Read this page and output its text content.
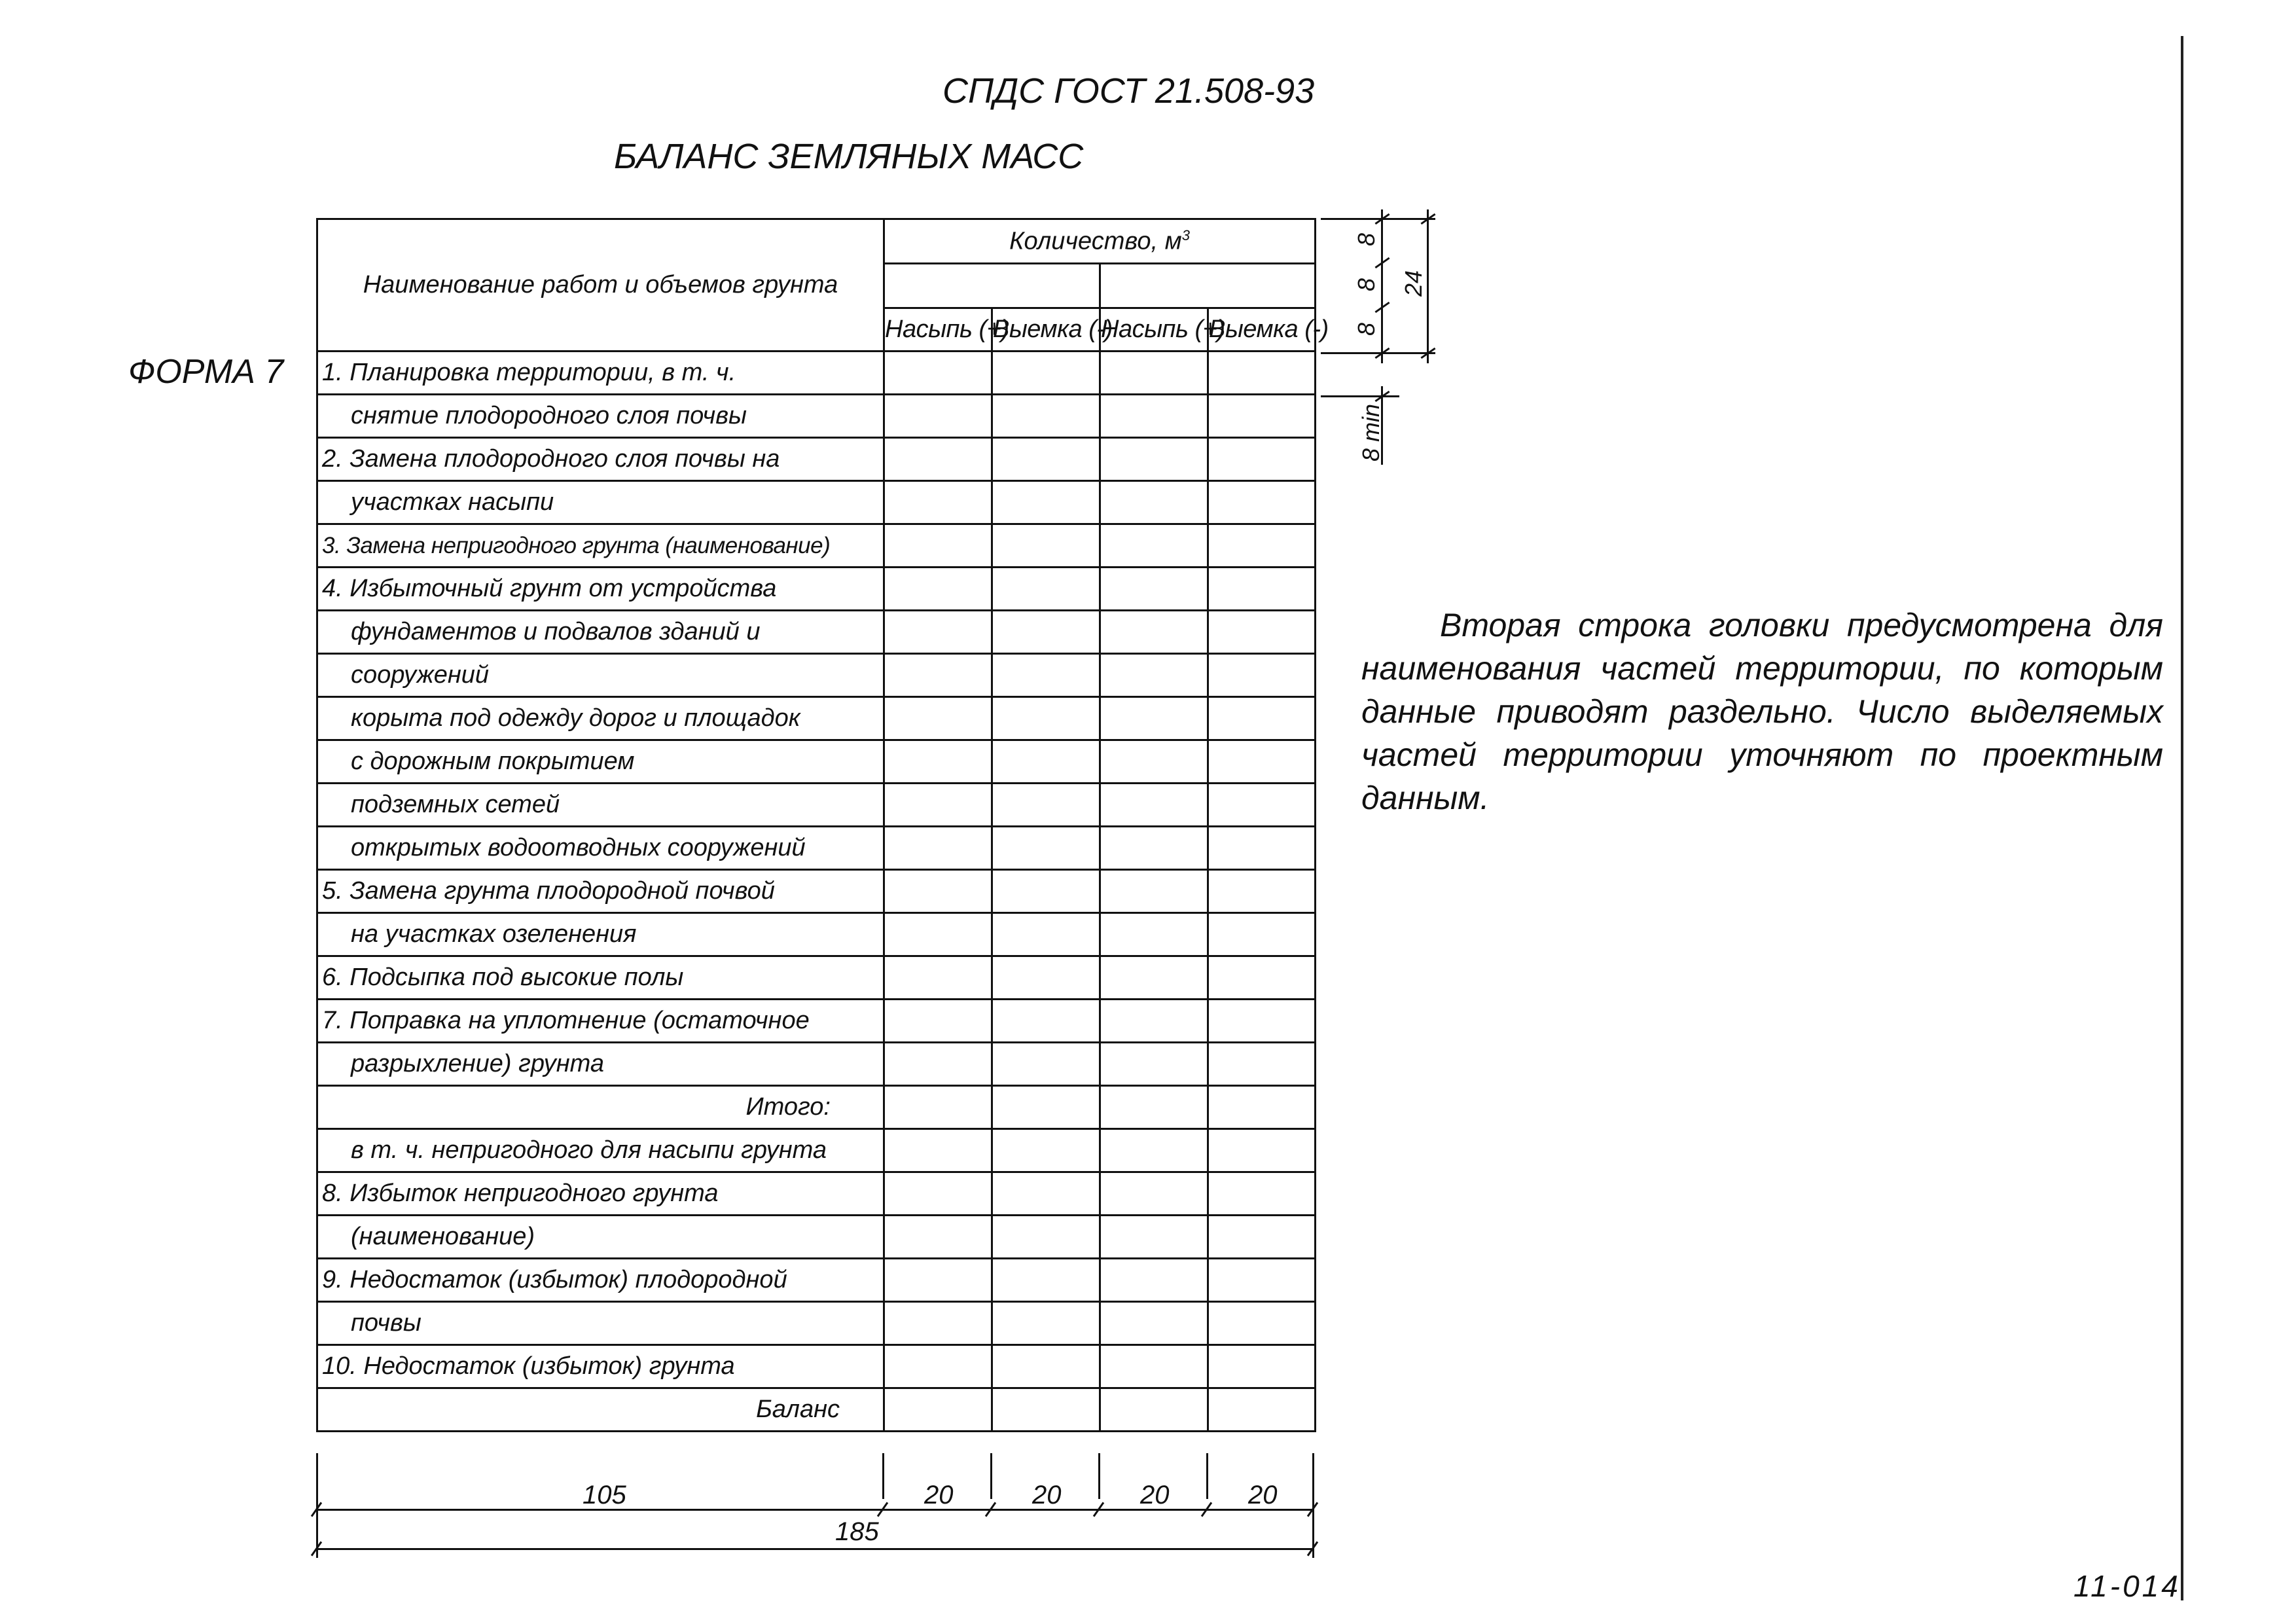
СПДС ГОСТ 21.508-93
БАЛАНС ЗЕМЛЯНЫХ МАСС
ФОРМА 7
Наименование работ и объемов грунта	Количество, $м^3$

	Насыпь (+)	Выемка (-)	Насыпь (+)	Выемка (-)
1. Планировка территории, в т. ч.				
снятие плодородного слоя почвы				
2. Замена плодородного слоя почвы на				
участках насыпи				
3. Замена непригодного грунта (наименование)				
4. Избыточный грунт от устройства				
фундаментов и подвалов зданий и				
сооружений				
корыта под одежду дорог и площадок				
с дорожным покрытием				
подземных сетей				
открытых водоотводных сооружений				
5. Замена грунта плодородной почвой				
на участках озеленения				
6. Подсыпка под высокие полы				
7. Поправка на уплотнение (остаточное				
разрыхление) грунта				
Итого:				
в т. ч. непригодного для насыпи грунта				
8. Избыток непригодного грунта				
(наименование)				
9. Недостаток (избыток) плодородной				
почвы				
10. Недостаток (избыток) грунта				
Баланс				
8
8
8
24
8 min
105	20	20	20	20
185
Вторая строка головки предусмотрена для наименования частей территории, по которым данные приводят раздельно. Число выделяемых частей территории уточняют по проектным данным.
11-014
